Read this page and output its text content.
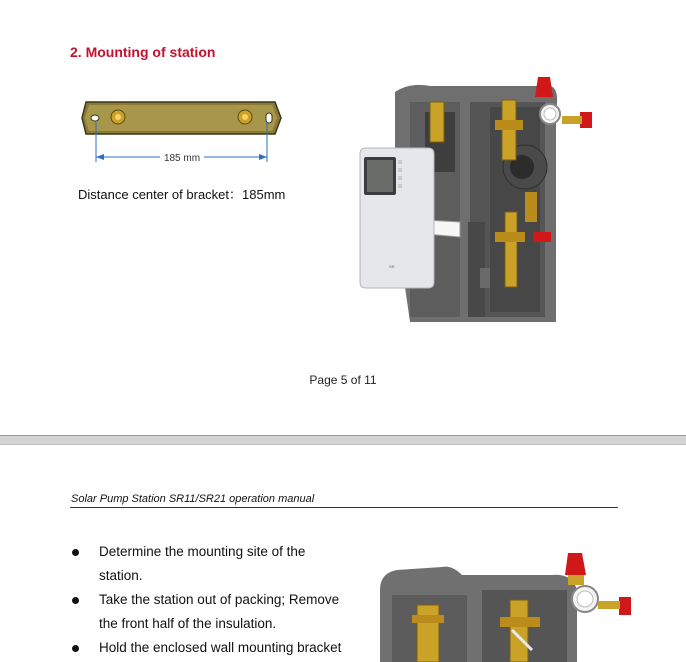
2. Mounting of station
185 mm
Distance center of bracket：185mm
SR
Page 5 of 11
Solar Pump Station SR11/SR21 operation manual
Determine the mounting site of the
station.
Take the station out of packing; Remove
the front half of the insulation.
Hold the enclosed wall mounting bracket
